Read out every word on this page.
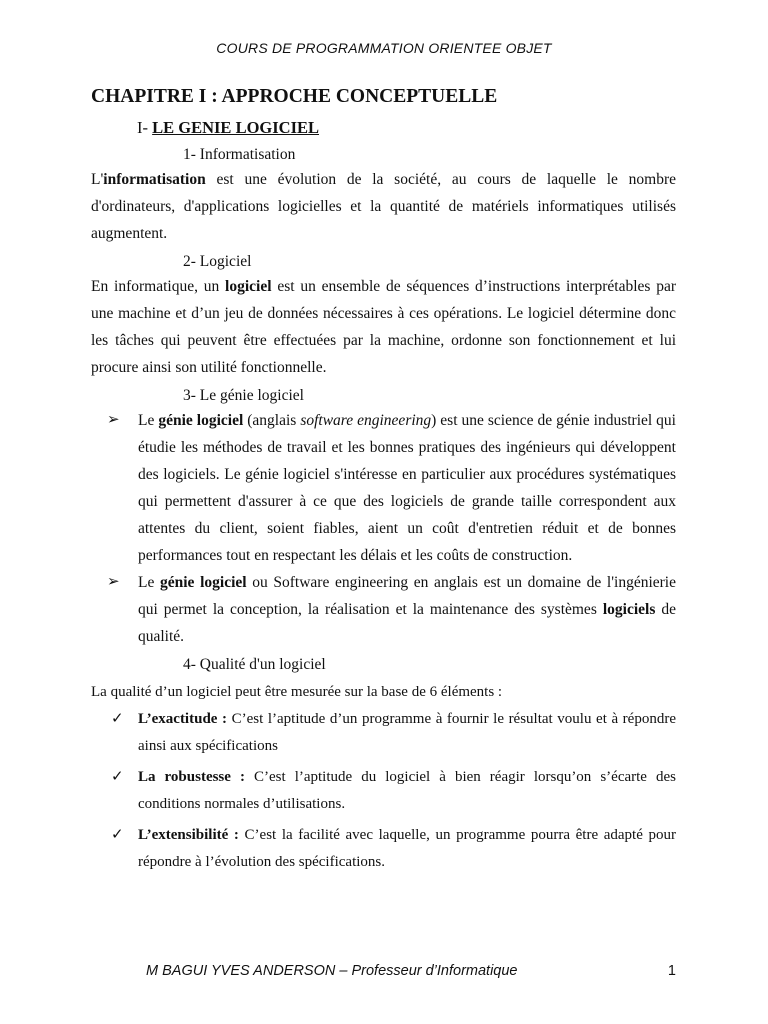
COURS DE PROGRAMMATION ORIENTEE OBJET
CHAPITRE I : APPROCHE CONCEPTUELLE
I- LE GENIE LOGICIEL
1- Informatisation

L'informatisation est une évolution de la société, au cours de laquelle le nombre d'ordinateurs, d'applications logicielles et la quantité de matériels informatiques utilisés augmentent.

2- Logiciel

En informatique, un logiciel est un ensemble de séquences d’instructions interprétables par une machine et d’un jeu de données nécessaires à ces opérations. Le logiciel détermine donc les tâches qui peuvent être effectuées par la machine, ordonne son fonctionnement et lui procure ainsi son utilité fonctionnelle.

3- Le génie logiciel

➢ Le génie logiciel (anglais software engineering) est une science de génie industriel qui étudie les méthodes de travail et les bonnes pratiques des ingénieurs qui développent des logiciels. Le génie logiciel s'intéresse en particulier aux procédures systématiques qui permettent d'assurer à ce que des logiciels de grande taille correspondent aux attentes du client, soient fiables, aient un coût d'entretien réduit et de bonnes performances tout en respectant les délais et les coûts de construction.

➢ Le génie logiciel ou Software engineering en anglais est un domaine de l'ingénierie qui permet la conception, la réalisation et la maintenance des systèmes logiciels de qualité.

4- Qualité d'un logiciel
La qualité d’un logiciel peut être mesurée sur la base de 6 éléments :

✓ L’exactitude : C’est l’aptitude d’un programme à fournir le résultat voulu et à répondre ainsi aux spécifications

✓ La robustesse : C’est l’aptitude du logiciel à bien réagir lorsqu’on s’écarte des conditions normales d’utilisations.

✓ L’extensibilité : C’est la facilité avec laquelle, un programme pourra être adapté pour répondre à l’évolution des spécifications.

M BAGUI YVES ANDERSON – Professeur d’Informatique	1
